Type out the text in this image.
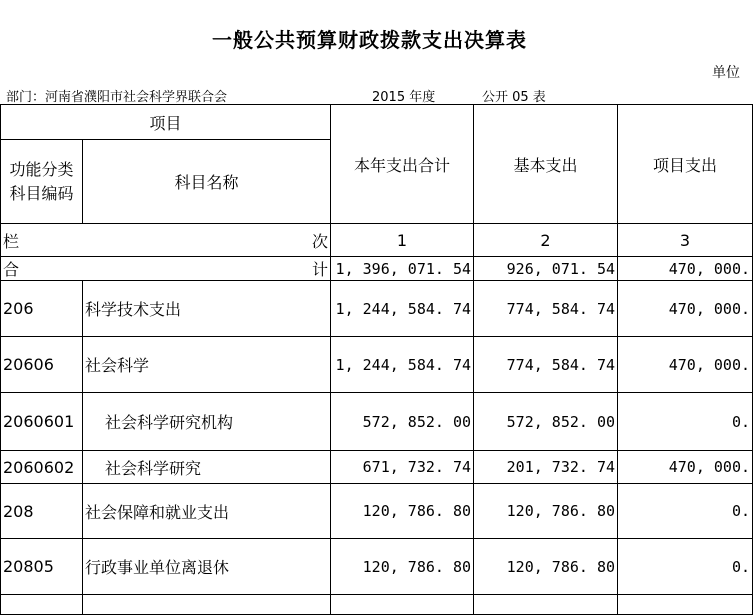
一般公共预算财政拨款支出决算表
单位
部门：河南省濮阳市社会科学界联合会	2015 年度	公开 05 表
项目		本年支出合计	基本支出	项目支出
功能分类
科目编码	科目名称			

栏 次		1	2	3

合 计		1, 396, 071. 54	926, 071. 54	470, 000.
206	科学技术支出	1, 244, 584. 74	774, 584. 74	470, 000.
20606	社会科学	1, 244, 584. 74	774, 584. 74	470, 000.
2060601	社会科学研究机构	572, 852. 00	572, 852. 00	0.
2060602	社会科学研究	671, 732. 74	201, 732. 74	470, 000.
208	社会保障和就业支出	120, 786. 80	120, 786. 80	0.
20805	行政事业单位离退休	120, 786. 80	120, 786. 80	0.
